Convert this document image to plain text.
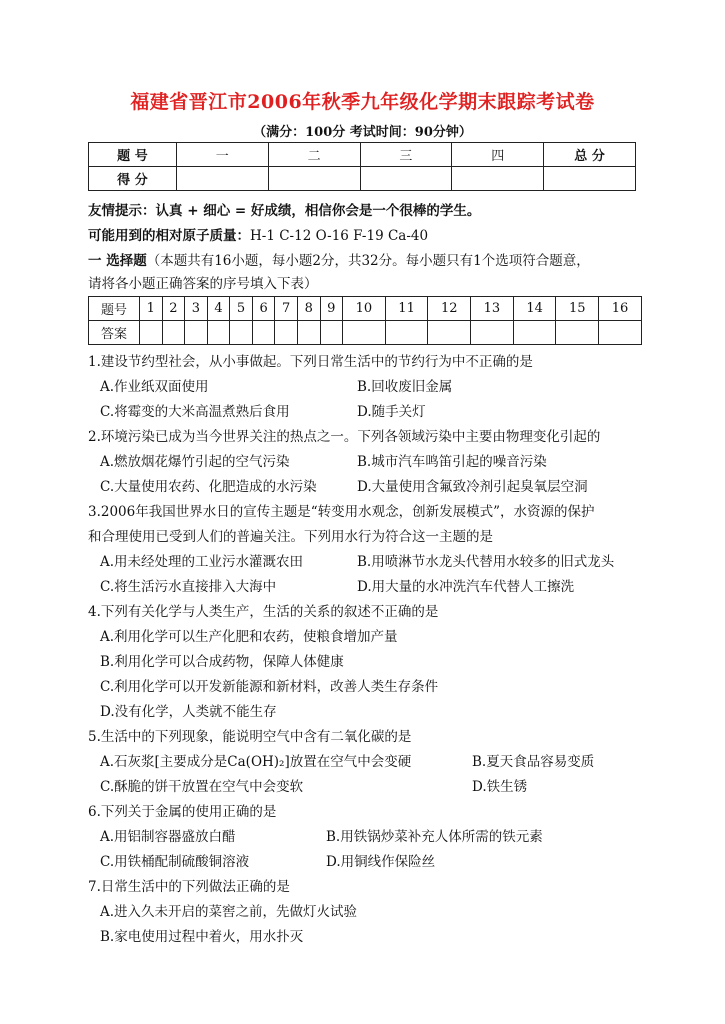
福建省晋江市2006年秋季九年级化学期末跟踪考试卷
（满分：100分 考试时间：90分钟）
题 号	一	二	三	四	总 分
得 分					
友情提示：认真 + 细心 = 好成绩，相信你会是一个很棒的学生。
可能用到的相对原子质量：H-1 C-12 O-16 F-19 Ca-40
一 选择题（本题共有16小题，每小题2分，共32分。每小题只有1个选项符合题意，
请将各小题正确答案的序号填入下表）
题号	1	2	3	4	5	6	7	8	9	10	11	12	13	14	15	16
答案																
1.建设节约型社会，从小事做起。下列日常生活中的节约行为中不正确的是
A.作业纸双面使用	B.回收废旧金属
C.将霉变的大米高温煮熟后食用	D.随手关灯
2.环境污染已成为当今世界关注的热点之一。下列各领域污染中主要由物理变化引起的
A.燃放烟花爆竹引起的空气污染	B.城市汽车鸣笛引起的噪音污染
C.大量使用农药、化肥造成的水污染	D.大量使用含氟致冷剂引起臭氧层空洞
3.2006年我国世界水日的宣传主题是“转变用水观念，创新发展模式”，水资源的保护
和合理使用已受到人们的普遍关注。下列用水行为符合这一主题的是
A.用未经处理的工业污水灌溉农田	B.用喷淋节水龙头代替用水较多的旧式龙头
C.将生活污水直接排入大海中	D.用大量的水冲洗汽车代替人工擦洗
4.下列有关化学与人类生产，生活的关系的叙述不正确的是
A.利用化学可以生产化肥和农药，使粮食增加产量
B.利用化学可以合成药物，保障人体健康
C.利用化学可以开发新能源和新材料，改善人类生存条件
D.没有化学，人类就不能生存
5.生活中的下列现象，能说明空气中含有二氧化碳的是
A.石灰浆[主要成分是Ca(OH)₂]放置在空气中会变硬	B.夏天食品容易变质
C.酥脆的饼干放置在空气中会变软	D.铁生锈
6.下列关于金属的使用正确的是
A.用铝制容器盛放白醋	B.用铁锅炒菜补充人体所需的铁元素
C.用铁桶配制硫酸铜溶液	D.用铜线作保险丝
7.日常生活中的下列做法正确的是
A.进入久未开启的菜窖之前，先做灯火试验
B.家电使用过程中着火，用水扑灭
